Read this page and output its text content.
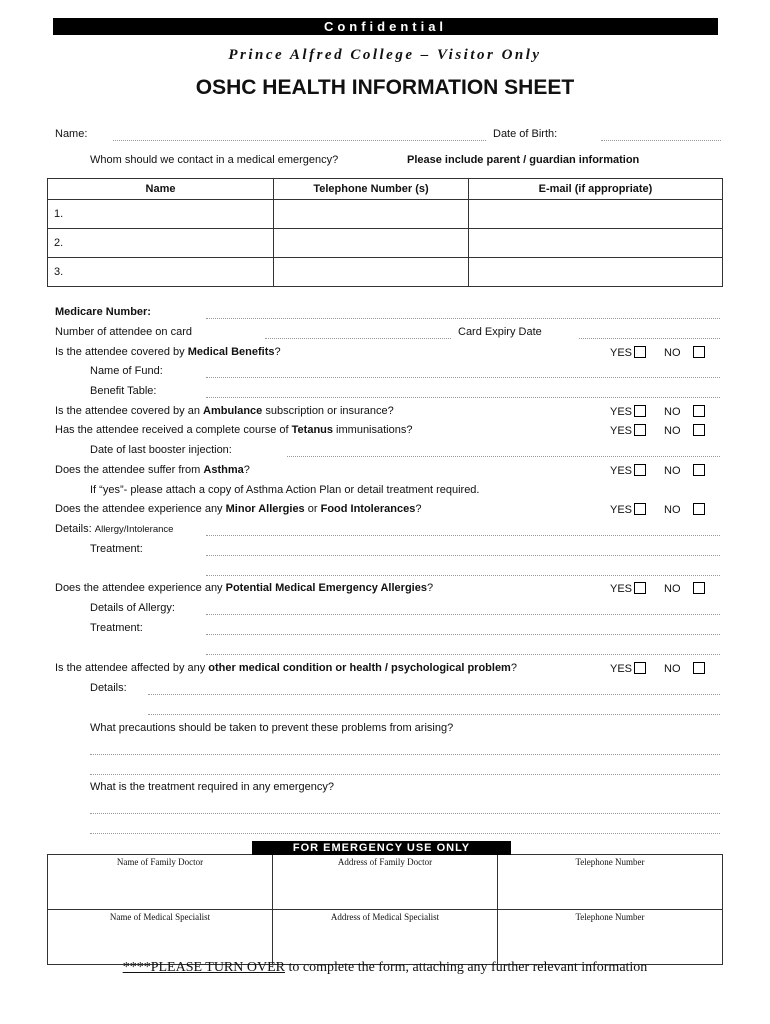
Confidential
Prince Alfred College – Visitor Only
OSHC HEALTH INFORMATION SHEET
Name:	Date of Birth:
Whom should we contact in a medical emergency?	Please include parent / guardian information
Name	Telephone Number (s)	E-mail (if appropriate)
1.		
2.		
3.		
Medicare Number:
Number of attendee on card	Card Expiry Date
Is the attendee covered by Medical Benefits?	YES	NO
Name of Fund:
Benefit Table:
Is the attendee covered by an Ambulance subscription or insurance?	YES	NO
Has the attendee received a complete course of Tetanus immunisations?	YES	NO
Date of last booster injection:
Does the attendee suffer from Asthma?	YES	NO
If “yes”- please attach a copy of Asthma Action Plan or detail treatment required.
Does the attendee experience any Minor Allergies or Food Intolerances?	YES	NO
Details: Allergy/Intolerance
Treatment:
Does the attendee experience any Potential Medical Emergency Allergies?	YES	NO
Details of Allergy:
Treatment:
Is the attendee affected by any other medical condition or health / psychological problem?	YES	NO
Details:
What precautions should be taken to prevent these problems from arising?
What is the treatment required in any emergency?
Name of Family Doctor	Address of Family Doctor	Telephone Number
Name of Medical Specialist	Address of Medical Specialist	Telephone Number
FOR EMERGENCY USE ONLY
****PLEASE TURN OVER to complete the form, attaching any further relevant information
